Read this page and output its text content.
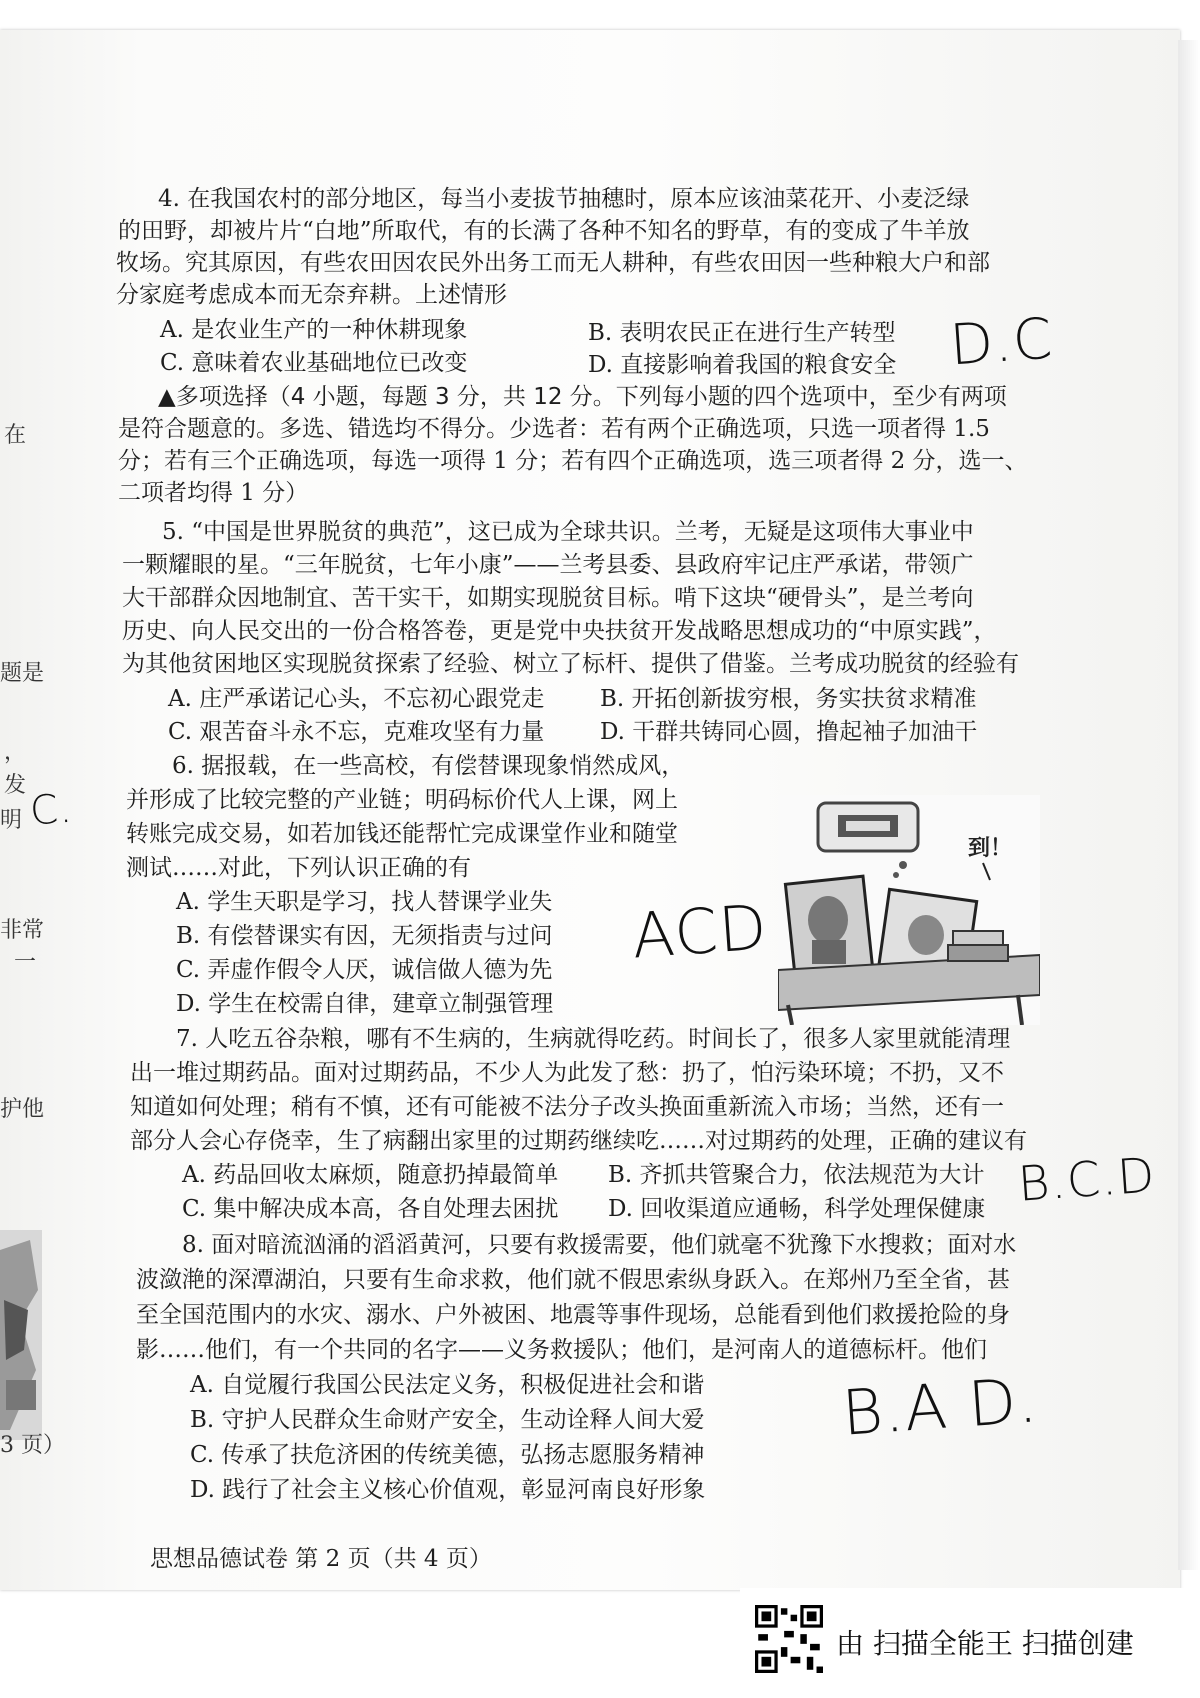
在
题是
，
发
明 C.
非常
一
护他
3 页）
4. 在我国农村的部分地区，每当小麦拔节抽穗时，原本应该油菜花开、小麦泛绿
的田野，却被片片“白地”所取代，有的长满了各种不知名的野草，有的变成了牛羊放
牧场。究其原因，有些农田因农民外出务工而无人耕种，有些农田因一些种粮大户和部
分家庭考虑成本而无奈弃耕。上述情形
A. 是农业生产的一种休耕现象	B. 表明农民正在进行生产转型
C. 意味着农业基础地位已改变	D. 直接影响着我国的粮食安全 D.C
▲多项选择（4 小题，每题 3 分，共 12 分。下列每小题的四个选项中，至少有两项
是符合题意的。多选、错选均不得分。少选者：若有两个正确选项，只选一项者得 1.5
分；若有三个正确选项，每选一项得 1 分；若有四个正确选项，选三项者得 2 分，选一、
二项者均得 1 分）
5. “中国是世界脱贫的典范”，这已成为全球共识。兰考，无疑是这项伟大事业中
一颗耀眼的星。“三年脱贫，七年小康”——兰考县委、县政府牢记庄严承诺，带领广
大干部群众因地制宜、苦干实干，如期实现脱贫目标。啃下这块“硬骨头”，是兰考向
历史、向人民交出的一份合格答卷，更是党中央扶贫开发战略思想成功的“中原实践”，
为其他贫困地区实现脱贫探索了经验、树立了标杆、提供了借鉴。兰考成功脱贫的经验有
A. 庄严承诺记心头，不忘初心跟党走 B. 开拓创新拔穷根，务实扶贫求精准
C. 艰苦奋斗永不忘，克难攻坚有力量 D. 干群共铸同心圆，撸起袖子加油干
6. 据报载，在一些高校，有偿替课现象悄然成风，
并形成了比较完整的产业链；明码标价代人上课，网上
转账完成交易，如若加钱还能帮忙完成课堂作业和随堂
测试……对此，下列认识正确的有
A. 学生天职是学习，找人替课学业失
B. 有偿替课实有因，无须指责与过问
C. 弄虚作假令人厌，诚信做人德为先
D. 学生在校需自律，建章立制强管理
ACD
到！
7. 人吃五谷杂粮，哪有不生病的，生病就得吃药。时间长了，很多人家里就能清理
出一堆过期药品。面对过期药品，不少人为此发了愁：扔了，怕污染环境；不扔，又不
知道如何处理；稍有不慎，还有可能被不法分子改头换面重新流入市场；当然，还有一
部分人会心存侥幸，生了病翻出家里的过期药继续吃……对过期药的处理，正确的建议有
A. 药品回收太麻烦，随意扔掉最简单 B. 齐抓共管聚合力，依法规范为大计
C. 集中解决成本高，各自处理去困扰 D. 回收渠道应通畅，科学处理保健康 B.C.D
8. 面对暗流汹涌的滔滔黄河，只要有救援需要，他们就毫不犹豫下水搜救；面对水
波潋滟的深潭湖泊，只要有生命求救，他们就不假思索纵身跃入。在郑州乃至全省，甚
至全国范围内的水灾、溺水、户外被困、地震等事件现场，总能看到他们救援抢险的身
影……他们，有一个共同的名字——义务救援队；他们，是河南人的道德标杆。他们
A. 自觉履行我国公民法定义务，积极促进社会和谐
B. 守护人民群众生命财产安全，生动诠释人间大爱
C. 传承了扶危济困的传统美德，弘扬志愿服务精神
D. 践行了社会主义核心价值观，彰显河南良好形象
B.A D.
思想品德试卷 第 2 页（共 4 页）
由 扫描全能王 扫描创建
